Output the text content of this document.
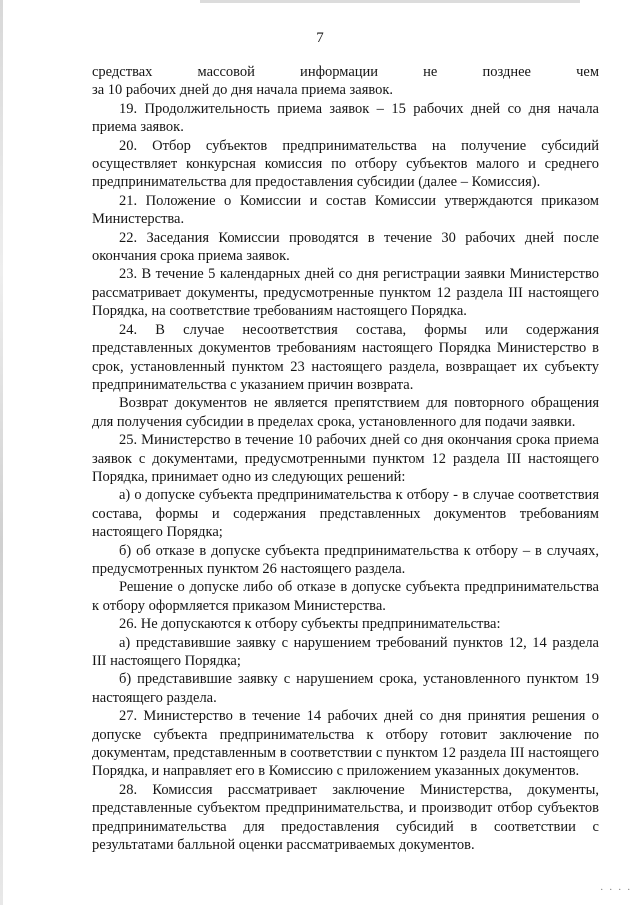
7

средствах массовой информации не позднее чем

за 10 рабочих дней до дня начала приема заявок.

19. Продолжительность приема заявок – 15 рабочих дней со дня начала приема заявок.

20. Отбор субъектов предпринимательства на получение субсидий осуществляет конкурсная комиссия по отбору субъектов малого и среднего предпринимательства для предоставления субсидии (далее – Комиссия).

21. Положение о Комиссии и состав Комиссии утверждаются приказом Министерства.

22. Заседания Комиссии проводятся в течение 30 рабочих дней после окончания срока приема заявок.

23. В течение 5 календарных дней со дня регистрации заявки Министерство рассматривает документы, предусмотренные пунктом 12 раздела III настоящего Порядка, на соответствие требованиям настоящего Порядка.

24. В случае несоответствия состава, формы или содержания представленных документов требованиям настоящего Порядка Министерство в срок, установленный пунктом 23 настоящего раздела, возвращает их субъекту предпринимательства с указанием причин возврата.

Возврат документов не является препятствием для повторного обращения для получения субсидии в пределах срока, установленного для подачи заявки.

25. Министерство в течение 10 рабочих дней со дня окончания срока приема заявок с документами, предусмотренными пунктом 12 раздела III настоящего Порядка, принимает одно из следующих решений:

а) о допуске субъекта предпринимательства к отбору - в случае соответствия состава, формы и содержания представленных документов требованиям настоящего Порядка;

б) об отказе в допуске субъекта предпринимательства к отбору – в случаях, предусмотренных пунктом 26 настоящего раздела.

Решение о допуске либо об отказе в допуске субъекта предпринимательства к отбору оформляется приказом Министерства.

26. Не допускаются к отбору субъекты предпринимательства:

а) представившие заявку с нарушением требований пунктов 12, 14 раздела III настоящего Порядка;

б) представившие заявку с нарушением срока, установленного пунктом 19 настоящего раздела.

27. Министерство в течение 14 рабочих дней со дня принятия решения о допуске субъекта предпринимательства к отбору готовит заключение по документам, представленным в соответствии с пунктом 12 раздела III настоящего Порядка, и направляет его в Комиссию с приложением указанных документов.

28. Комиссия рассматривает заключение Министерства, документы, представленные субъектом предпринимательства, и производит отбор субъектов предпринимательства для предоставления субсидий в соответствии с результатами балльной оценки рассматриваемых документов.

. . . .
